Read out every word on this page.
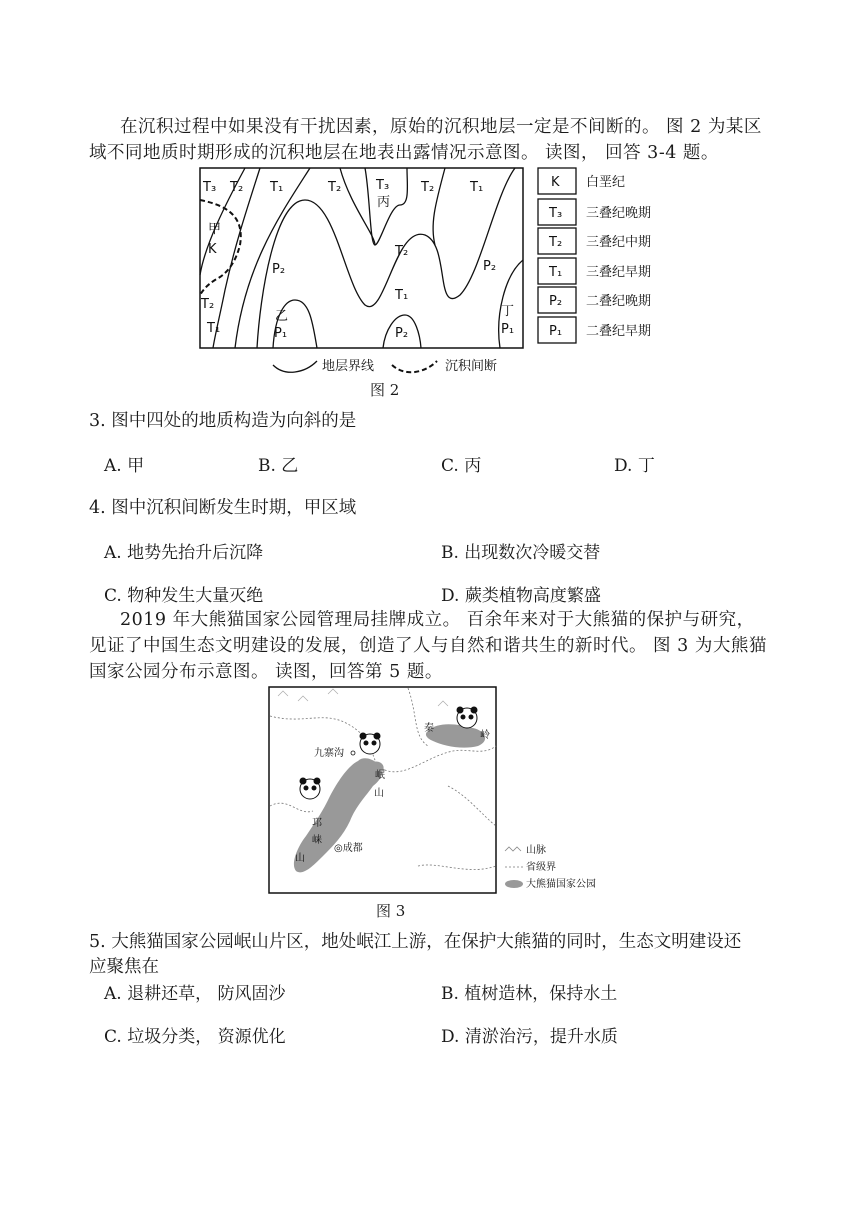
在沉积过程中如果没有干扰因素，原始的沉积地层一定是不间断的。 图 2 为某区
域不同地质时期形成的沉积地层在地表出露情况示意图。 读图， 回答 3-4 题。
T₃ T₂ T₁	T₂	T₃
丙
T₂	T₁
甲
K
P₂
T₂
T₁
P₂
T₂
T₁
乙
P₁	P₂
丁
P₁
K 白垩纪
T₃ 三叠纪晚期
T₂ 三叠纪中期
T₁ 三叠纪早期
P₂ 二叠纪晚期
P₁ 二叠纪早期
地层界线	沉积间断
图 2
3. 图中四处的地质构造为向斜的是
A. 甲	B. 乙	C. 丙	D. 丁
4. 图中沉积间断发生时期，甲区域
A. 地势先抬升后沉降	B. 出现数次冷暖交替
C. 物种发生大量灭绝	D. 蕨类植物高度繁盛
2019 年大熊猫国家公园管理局挂牌成立。 百余年来对于大熊猫的保护与研究，
见证了中国生态文明建设的发展，创造了人与自然和谐共生的新时代。 图 3 为大熊猫
国家公园分布示意图。 读图，回答第 5 题。
九寨沟
岷
山
邛
崃
山
◎成都
秦
岭
山脉
省级界
大熊猫国家公园
图 3
5. 大熊猫国家公园岷山片区，地处岷江上游，在保护大熊猫的同时，生态文明建设还
应聚焦在
A. 退耕还草， 防风固沙	B. 植树造林，保持水土
C. 垃圾分类， 资源优化	D. 清淤治污，提升水质
